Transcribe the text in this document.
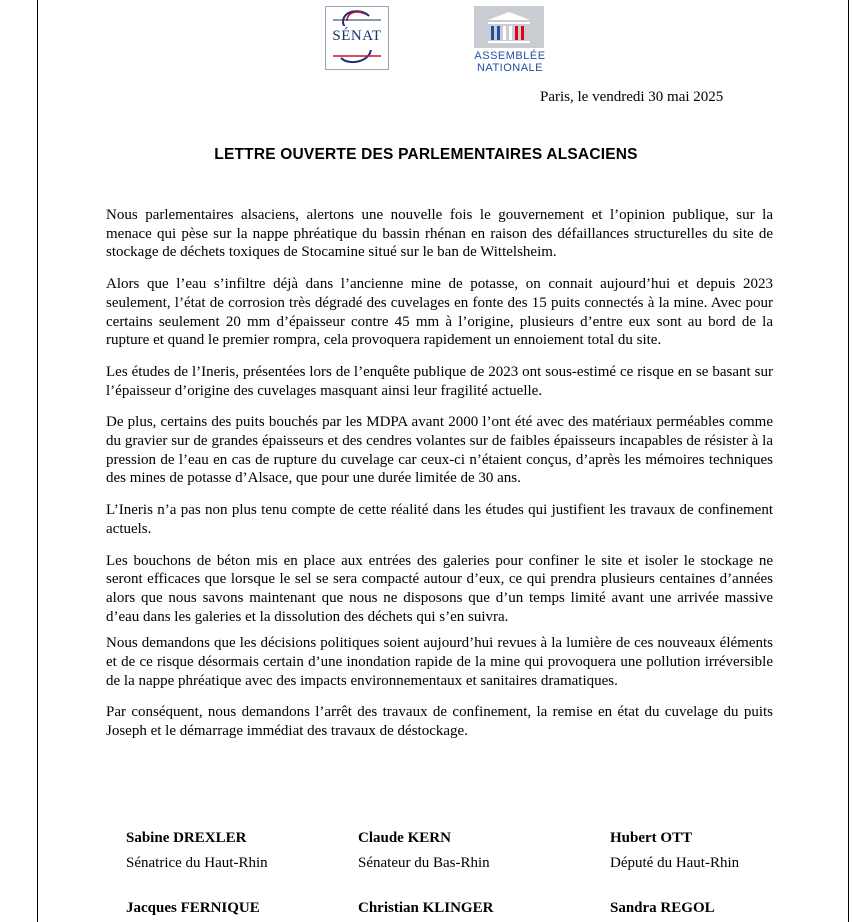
SÉNAT
ASSEMBLÉE
NATIONALE
Paris, le vendredi 30 mai 2025
LETTRE OUVERTE DES PARLEMENTAIRES ALSACIENS

Nous parlementaires alsaciens, alertons une nouvelle fois le gouvernement et l’opinion publique, sur la menace qui pèse sur la nappe phréatique du bassin rhénan en raison des défaillances structurelles du site de stockage de déchets toxiques de Stocamine situé sur le ban de Wittelsheim.

Alors que l’eau s’infiltre déjà dans l’ancienne mine de potasse, on connait aujourd’hui et depuis 2023 seulement, l’état de corrosion très dégradé des cuvelages en fonte des 15 puits connectés à la mine. Avec pour certains seulement 20 mm d’épaisseur contre 45 mm à l’origine, plusieurs d’entre eux sont au bord de la rupture et quand le premier rompra, cela provoquera rapidement un ennoiement total du site.

Les études de l’Ineris, présentées lors de l’enquête publique de 2023 ont sous-estimé ce risque en se basant sur l’épaisseur d’origine des cuvelages masquant ainsi leur fragilité actuelle.

De plus, certains des puits bouchés par les MDPA avant 2000 l’ont été avec des matériaux perméables comme du gravier sur de grandes épaisseurs et des cendres volantes sur de faibles épaisseurs incapables de résister à la pression de l’eau en cas de rupture du cuvelage car ceux-ci n’étaient conçus, d’après les mémoires techniques des mines de potasse d’Alsace, que pour une durée limitée de 30 ans.

L’Ineris n’a pas non plus tenu compte de cette réalité dans les études qui justifient les travaux de confinement actuels.

Les bouchons de béton mis en place aux entrées des galeries pour confiner le site et isoler le stockage ne seront efficaces que lorsque le sel se sera compacté autour d’eux, ce qui prendra plusieurs centaines d’années alors que nous savons maintenant que nous ne disposons que d’un temps limité avant une arrivée massive d’eau dans les galeries et la dissolution des déchets qui s’en suivra.

Nous demandons que les décisions politiques soient aujourd’hui revues à la lumière de ces nouveaux éléments et de ce risque désormais certain d’une inondation rapide de la mine qui provoquera une pollution irréversible de la nappe phréatique avec des impacts environnementaux et sanitaires dramatiques.

Par conséquent, nous demandons l’arrêt des travaux de confinement, la remise en état du cuvelage du puits Joseph et le démarrage immédiat des travaux de déstockage.

Sabine DREXLER
Sénatrice du Haut-Rhin
Claude KERN
Sénateur du Bas-Rhin
Hubert OTT
Député du Haut-Rhin
Jacques FERNIQUE	Christian KLINGER	Sandra REGOL
